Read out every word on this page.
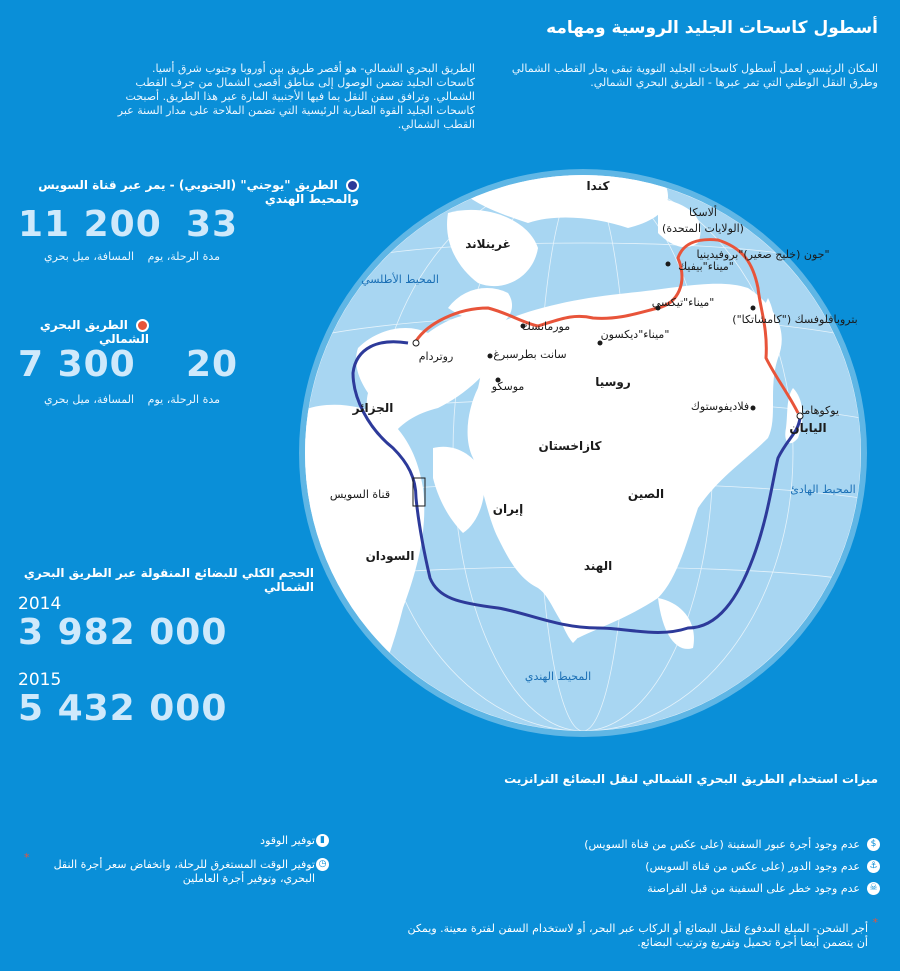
أسطول كاسحات الجليد الروسية ومهامه
المكان الرئيسي لعمل أسطول كاسحات الجليد النووية تبقى بحار القطب الشمالي وطرق النقل الوطني التي تمر عبرها - الطريق البحري الشمالي.
الطريق البحري الشمالي- هو أقصر طريق بين أوروبا وجنوب شرق أسيا. كاسحات الجليد تضمن الوصول إلى مناطق أقصى الشمال من جرف القطب الشمالي. وترافق سفن النقل بما فيها الأجنبية المارة عبر هذا الطريق. أصبحت كاسحات الجليد القوة الضاربة الرئيسية التي تضمن الملاحة على مدار السنة عبر القطب الشمالي.
الطريق "يوجني" (الجنوبي) - يمر عبر قناة السويس والمحيط الهندي
11 200 33
المسافة، ميل بحري	مدة الرحلة، يوم
الطريق البحري الشمالي
7 300 20
المسافة، ميل بحري	مدة الرحلة، يوم
الحجم الكلي للبضائع المنقولة عبر الطريق البحري الشمالي
2014
3 982 000
2015
5 432 000
كندا
غرينلاند
الجزائر
السودان
إيران
كازاخستان
روسيا
الصين
الهند
اليابان
المحيط الأطلسي
المحيط الهادئ
المحيط الهندي
ألاسكا
(الولايات المتحدة)
جون (خليج صغير)"بروفيدينيا"
ميناء"بيفيك"
ميناء"تيكسي"
ميناء"ديكسون"
بتروبافلوفسك ("كامشاتكا")
مورمانسك
سانت بطرسبرغ
روتردام
موسكو
فلاديفوستوك	يوكوهاما
قناة السويس
ميزات استخدام الطريق البحري الشمالي لنقل البضائع الترانزيت
عدم وجود أجرة عبور السفينة (على عكس من قناة السويس)	$
عدم وجود الدور (على عكس من قناة السويس) ⚓
عدم وجود خطر على السفينة من قبل القراصنة ☠
توفير الوقود ▮
توفير الوقت المستغرق للرحلة، وانخفاض سعر أجرة النقل البحري، وتوفير أجرة العاملين
◷
*
*
أجر الشحن- المبلغ المدفوع لنقل البضائع أو الركاب عبر البحر، أو لاستخدام السفن لفترة معينة. ويمكن أن يتضمن أيضا أجرة تحميل وتفريغ وترتيب البضائع.
